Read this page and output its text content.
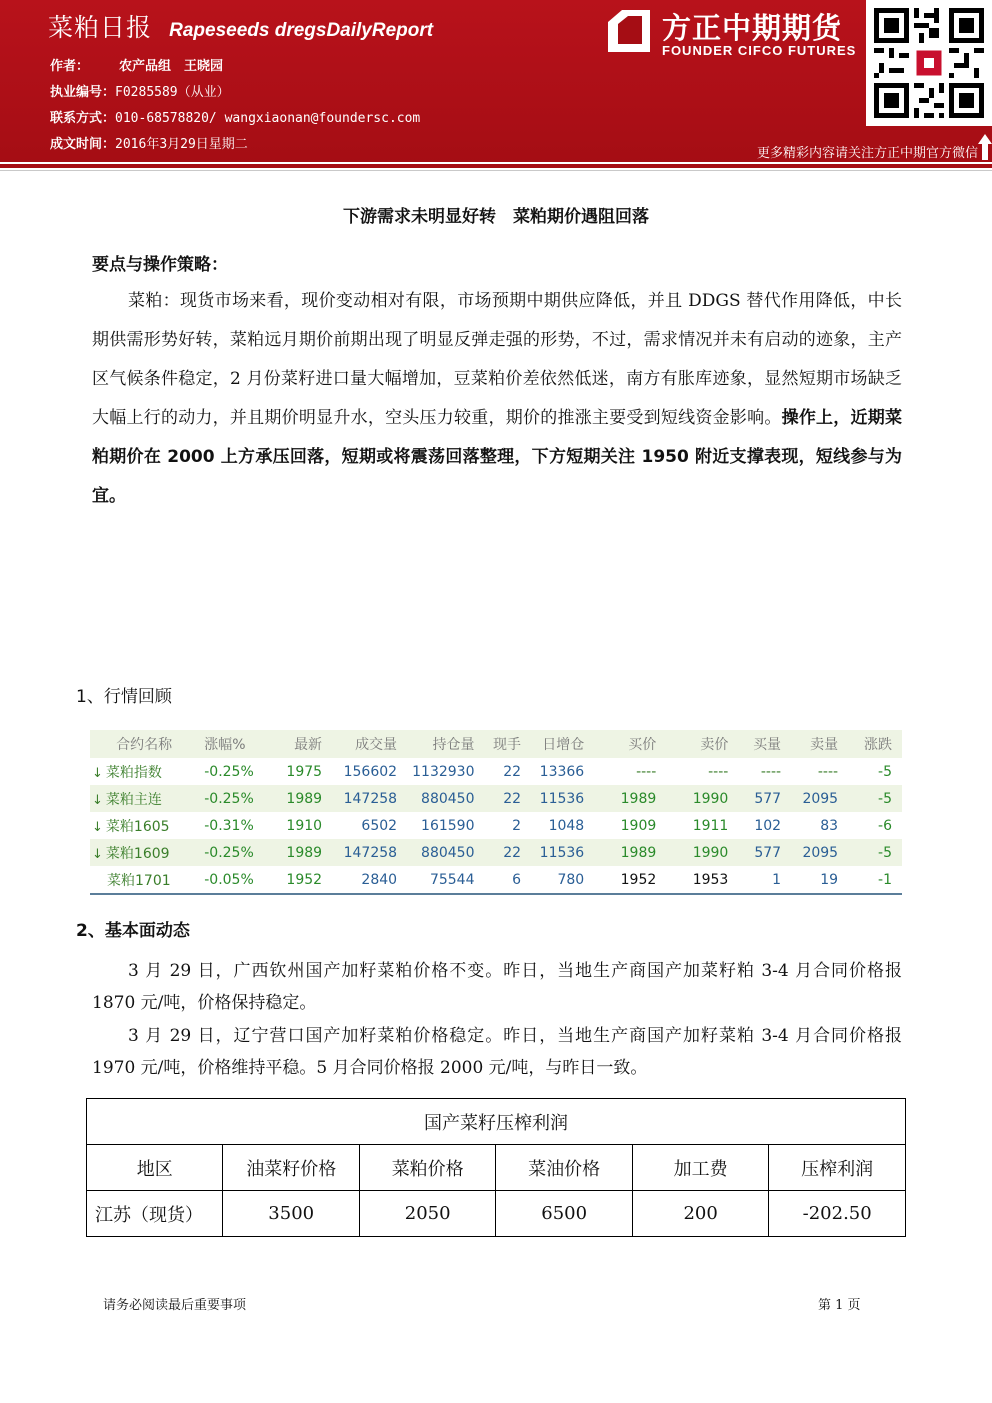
菜粕日报 Rapeseeds dregsDailyReport
作者： 农产品组　王晓园
执业编号：F0285589（从业）
联系方式：010-68578820/ wangxiaonan@foundersc.com
成文时间：2016年3月29日星期二
方正中期期货
FOUNDER CIFCO FUTURES
更多精彩内容请关注方正中期官方微信
下游需求未明显好转　菜粕期价遇阻回落
要点与操作策略：
菜粕：现货市场来看，现价变动相对有限，市场预期中期供应降低，并且 DDGS 替代作用降低，中长期供需形势好转，菜粕远月期价前期出现了明显反弹走强的形势，不过，需求情况并未有启动的迹象，主产区气候条件稳定，2 月份菜籽进口量大幅增加，豆菜粕价差依然低迷，南方有胀库迹象，显然短期市场缺乏大幅上行的动力，并且期价明显升水，空头压力较重，期价的推涨主要受到短线资金影响。操作上，近期菜粕期价在 2000 上方承压回落，短期或将震荡回落整理，下方短期关注 1950 附近支撑表现，短线参与为宜。
1、行情回顾
合约名称	涨幅%	最新	成交量	持仓量	现手	日增仓	买价	卖价	买量	卖量	涨跌
↓ 菜粕指数	-0.25%	1975	156602	1132930	22	13366	----	----	----	----	-5
↓ 菜粕主连	-0.25%	1989	147258	880450	22	11536	1989	1990	577	2095	-5
↓ 菜粕1605	-0.31%	1910	6502	161590	2	1048	1909	1911	102	83	-6
↓ 菜粕1609	-0.25%	1989	147258	880450	22	11536	1989	1990	577	2095	-5
菜粕1701	-0.05%	1952	2840	75544	6	780	1952	1953	1	19	-1
2、基本面动态
3 月 29 日，广西钦州国产加籽菜粕价格不变。昨日，当地生产商国产加菜籽粕 3-4 月合同价格报 1870 元/吨，价格保持稳定。
3 月 29 日，辽宁营口国产加籽菜粕价格稳定。昨日，当地生产商国产加籽菜粕 3-4 月合同价格报 1970 元/吨，价格维持平稳。5 月合同价格报 2000 元/吨，与昨日一致。
国产菜籽压榨利润					
地区	油菜籽价格	菜粕价格	菜油价格	加工费	压榨利润
江苏（现货）	3500	2050	6500	200	-202.50
请务必阅读最后重要事项	第 1 页
